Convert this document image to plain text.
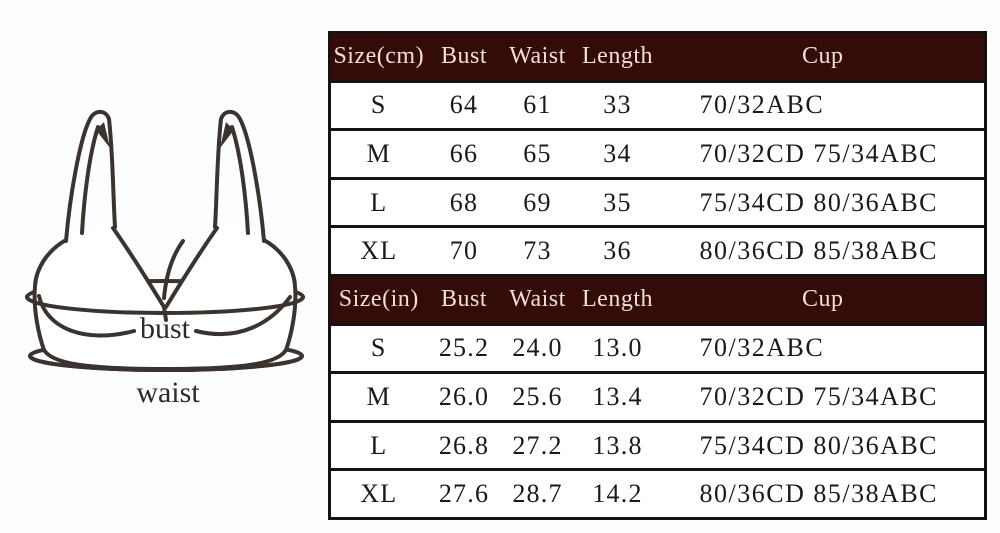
bust
waist
Size(cm)	Bust	Waist	Length	Cup
S	64	61	33	70/32ABC
M	66	65	34	70/32CD 75/34ABC
L	68	69	35	75/34CD 80/36ABC
XL	70	73	36	80/36CD 85/38ABC
Size(in)	Bust	Waist	Length	Cup
S	25.2	24.0	13.0	70/32ABC
M	26.0	25.6	13.4	70/32CD 75/34ABC
L	26.8	27.2	13.8	75/34CD 80/36ABC
XL	27.6	28.7	14.2	80/36CD 85/38ABC
